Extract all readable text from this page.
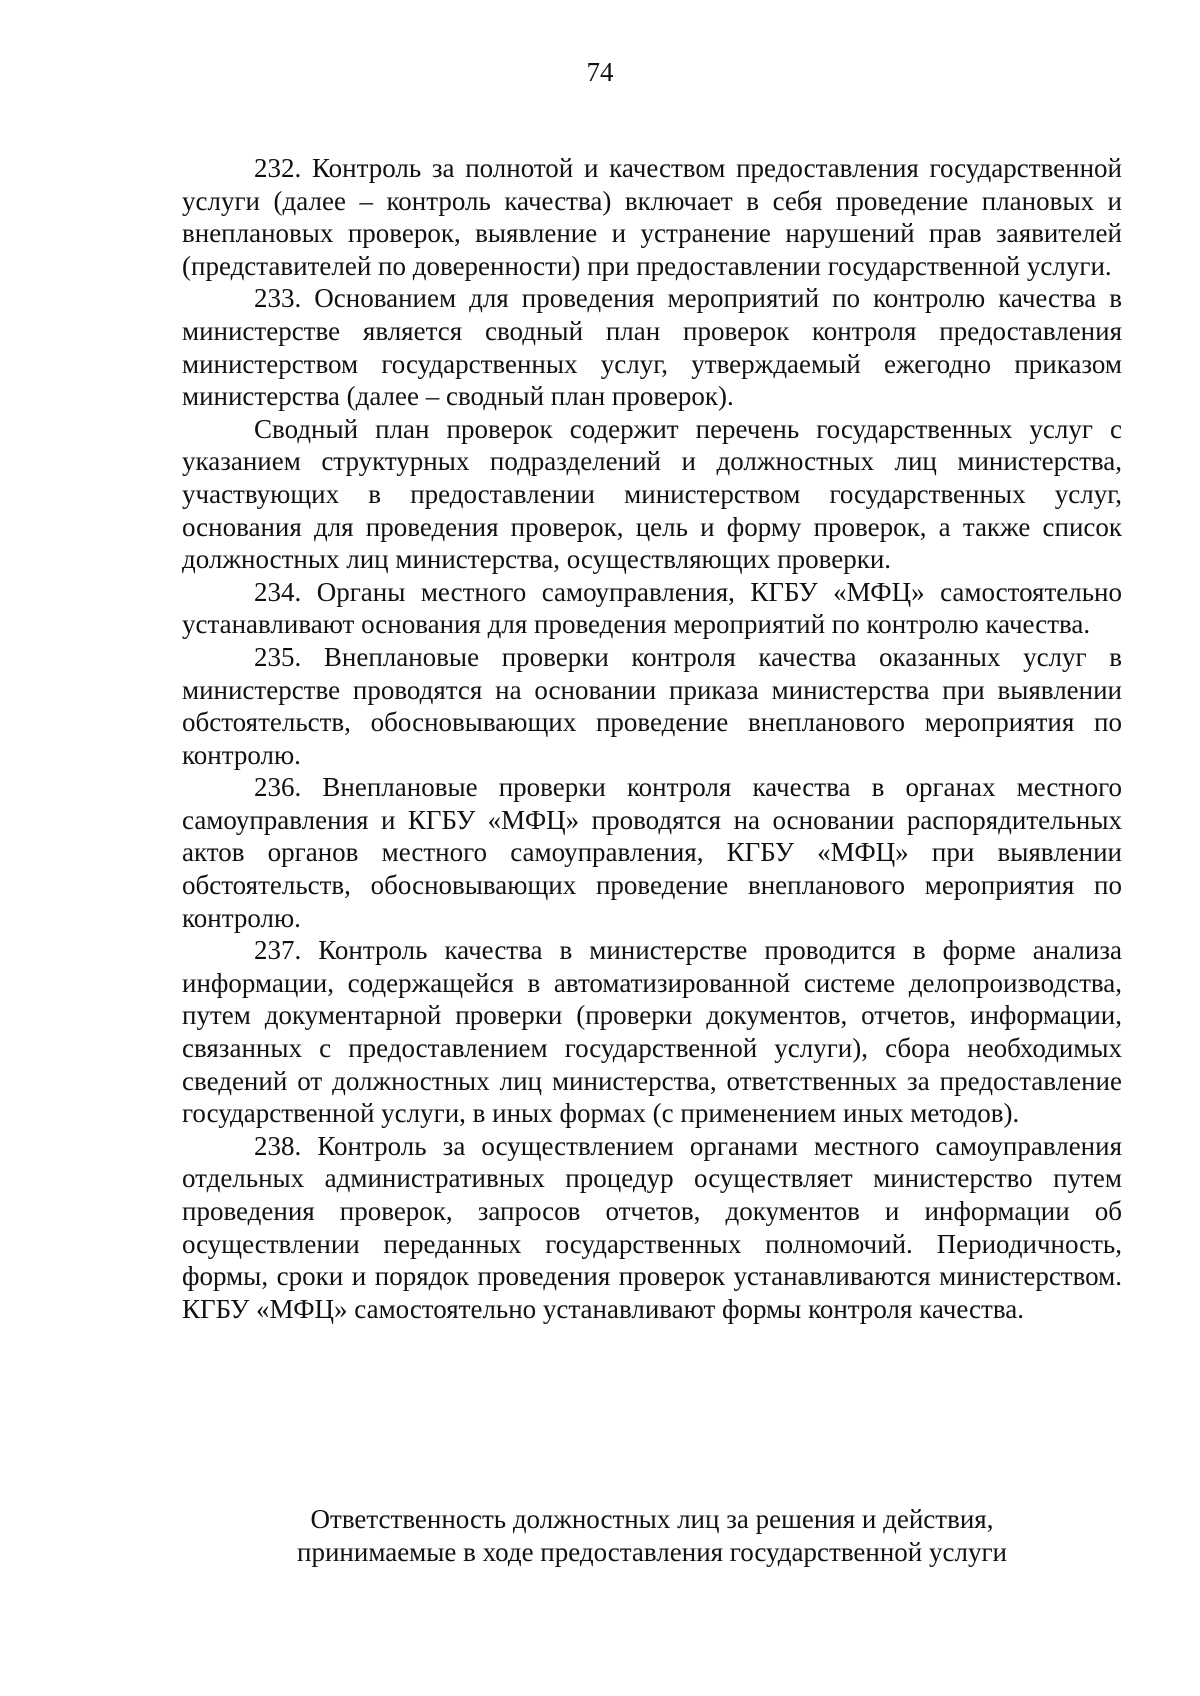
74

232. Контроль за полнотой и качеством предоставления государственной услуги (далее – контроль качества) включает в себя проведение плановых и внеплановых проверок, выявление и устранение нарушений прав заявителей (представителей по доверенности) при предоставлении государственной услуги.

233. Основанием для проведения мероприятий по контролю качества в министерстве является сводный план проверок контроля предоставления министерством государственных услуг, утверждаемый ежегодно приказом министерства (далее – сводный план проверок).

Сводный план проверок содержит перечень государственных услуг с указанием структурных подразделений и должностных лиц министерства, участвующих в предоставлении министерством государственных услуг, основания для проведения проверок, цель и форму проверок, а также список должностных лиц министерства, осуществляющих проверки.

234. Органы местного самоуправления, КГБУ «МФЦ» самостоятельно устанавливают основания для проведения мероприятий по контролю качества.

235. Внеплановые проверки контроля качества оказанных услуг в министерстве проводятся на основании приказа министерства при выявлении обстоятельств, обосновывающих проведение внепланового мероприятия по контролю.

236. Внеплановые проверки контроля качества в органах местного самоуправления и КГБУ «МФЦ» проводятся на основании распорядительных актов органов местного самоуправления, КГБУ «МФЦ» при выявлении обстоятельств, обосновывающих проведение внепланового мероприятия по контролю.

237. Контроль качества в министерстве проводится в форме анализа информации, содержащейся в автоматизированной системе делопроизводства, путем документарной проверки (проверки документов, отчетов, информации, связанных с предоставлением государственной услуги), сбора необходимых сведений от должностных лиц министерства, ответственных за предоставление государственной услуги, в иных формах (с применением иных методов).

238. Контроль за осуществлением органами местного самоуправления отдельных административных процедур осуществляет министерство путем проведения проверок, запросов отчетов, документов и информации об осуществлении переданных государственных полномочий. Периодичность, формы, сроки и порядок проведения проверок устанавливаются министерством. КГБУ «МФЦ» самостоятельно устанавливают формы контроля качества.

Ответственность должностных лиц за решения и действия,
принимаемые в ходе предоставления государственной услуги
